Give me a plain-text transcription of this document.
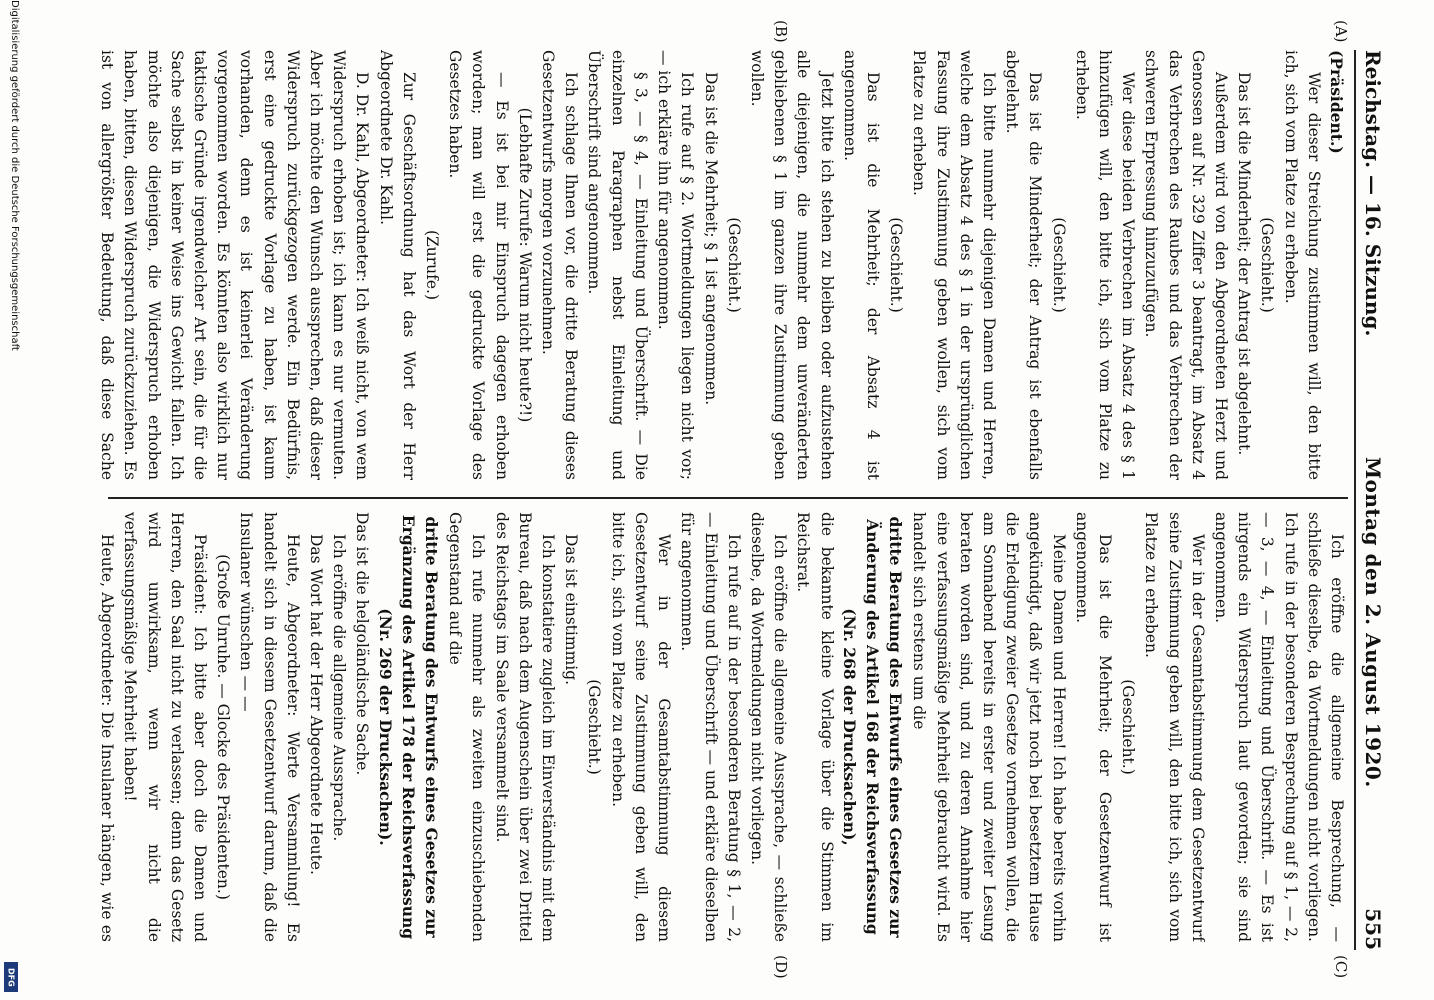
Digitalisierung gefördert durch die Deutsche Forschungsgemeinschaft
DFG
Reichstag. — 16. Sitzung.
Montag den 2. August 1920.
555
(A)
(B)
(C)
(D)

(Präsident.)

Wer dieser Streichung zustimmen will, den bitte ich, sich vom Platze zu erheben.

(Geschieht.)

Das ist die Minderheit; der Antrag ist abgelehnt.

Außerdem wird von den Abgeordneten Herzt und Genossen auf Nr. 329 Ziffer 3 beantragt, im Absatz 4 das Verbrechen des Raubes und das Verbrechen der schweren Erpressung hinzuzufügen.

Wer diese beiden Verbrechen im Absatz 4 des § 1 hinzufügen will, den bitte ich, sich vom Platze zu erheben.

(Geschieht.)

Das ist die Minderheit; der Antrag ist ebenfalls abgelehnt.

Ich bitte nunmehr diejenigen Damen und Herren, welche dem Absatz 4 des § 1 in der ursprünglichen Fassung ihre Zustimmung geben wollen, sich vom Platze zu erheben.

(Geschieht.)

Das ist die Mehrheit; der Absatz 4 ist angenommen.

Jetzt bitte ich stehen zu bleiben oder aufzustehen alle diejenigen, die nunmehr dem unveränderten gebliebenen § 1 im ganzen ihre Zustimmung geben wollen.

(Geschieht.)

Das ist die Mehrheit; § 1 ist angenommen.

Ich rufe auf § 2. Wortmeldungen liegen nicht vor; — ich erkläre ihn für angenommen.

§ 3, — § 4, — Einleitung und Überschrift. — Die einzelnen Paragraphen nebst Einleitung und Überschrift sind angenommen.

Ich schlage Ihnen vor, die dritte Beratung dieses Gesetzentwurfs morgen vorzunehmen.

(Lebhafte Zurufe: Warum nicht heute?!)

— Es ist bei mir Einspruch dagegen erhoben worden; man will erst die gedruckte Vorlage des Gesetzes haben.

(Zurufe.)

Zur Geschäftsordnung hat das Wort der Herr Abgeordnete Dr. Kahl.

D. Dr. Kahl, Abgeordneter: Ich weiß nicht, von wem Widerspruch erhoben ist; ich kann es nur vermuten. Aber ich möchte den Wunsch aussprechen, daß dieser Widerspruch zurückgezogen werde. Ein Bedürfnis, erst eine gedruckte Vorlage zu haben, ist kaum vorhanden, denn es ist keinerlei Veränderung vorgenommen worden. Es könnten also wirklich nur taktische Gründe irgendwelcher Art sein, die für die Sache selbst in keiner Weise ins Gewicht fallen. Ich möchte also diejenigen, die Widerspruch erhoben haben, bitten, diesen Widerspruch zurückzuziehen. Es ist von allergrößter Bedeutung, daß diese Sache

Ich eröffne die allgemeine Besprechung, — schließe dieselbe, da Wortmeldungen nicht vorliegen. Ich rufe in der besonderen Besprechung auf § 1, — 2, — 3, — 4, — Einleitung und Überschrift. — Es ist nirgends ein Widerspruch laut geworden; sie sind angenommen.

Wer in der Gesamtabstimmung dem Gesetzentwurf seine Zustimmung geben will, den bitte ich, sich vom Platze zu erheben.

(Geschieht.)

Das ist die Mehrheit; der Gesetzentwurf ist angenommen.

Meine Damen und Herren! Ich habe bereits vorhin angekündigt, daß wir jetzt noch bei besetztem Hause die Erledigung zweier Gesetze vornehmen wollen, die am Sonnabend bereits in erster und zweiter Lesung beraten worden sind, und zu deren Annahme hier eine verfassungsmäßige Mehrheit gebraucht wird. Es handelt sich erstens um die

dritte Beratung des Entwurfs eines Gesetzes zur Änderung des Artikel 168 der Reichsverfassung (Nr. 268 der Drucksachen),

die bekannte kleine Vorlage über die Stimmen im Reichsrat.

Ich eröffne die allgemeine Aussprache, — schließe dieselbe, da Wortmeldungen nicht vorliegen.

Ich rufe auf in der besonderen Beratung § 1, — 2, — Einleitung und Überschrift — und erkläre dieselben für angenommen.

Wer in der Gesamtabstimmung diesem Gesetzentwurf seine Zustimmung geben will, den bitte ich, sich vom Platze zu erheben.

(Geschieht.)

Das ist einstimmig.

Ich konstatiere zugleich im Einverständnis mit dem Bureau, daß nach dem Augenschein über zwei Drittel des Reichstags im Saale versammelt sind.

Ich rufe nunmehr als zweiten einzuschiebenden Gegenstand auf die

dritte Beratung des Entwurfs eines Gesetzes zur Ergänzung des Artikel 178 der Reichsverfassung (Nr. 269 der Drucksachen).

Das ist die helgoländische Sache.

Ich eröffne die allgemeine Aussprache.

Das Wort hat der Herr Abgeordnete Heute.

Heute, Abgeordneter: Werte Versammlung! Es handelt sich in diesem Gesetzentwurf darum, daß die Insulaner wünschen — —

(Große Unruhe. — Glocke des Präsidenten.)

Präsident: Ich bitte aber doch die Damen und Herren, den Saal nicht zu verlassen; denn das Gesetz wird unwirksam, wenn wir nicht die verfassungsmäßige Mehrheit haben!

Heute, Abgeordneter: Die Insulaner hängen, wie es
